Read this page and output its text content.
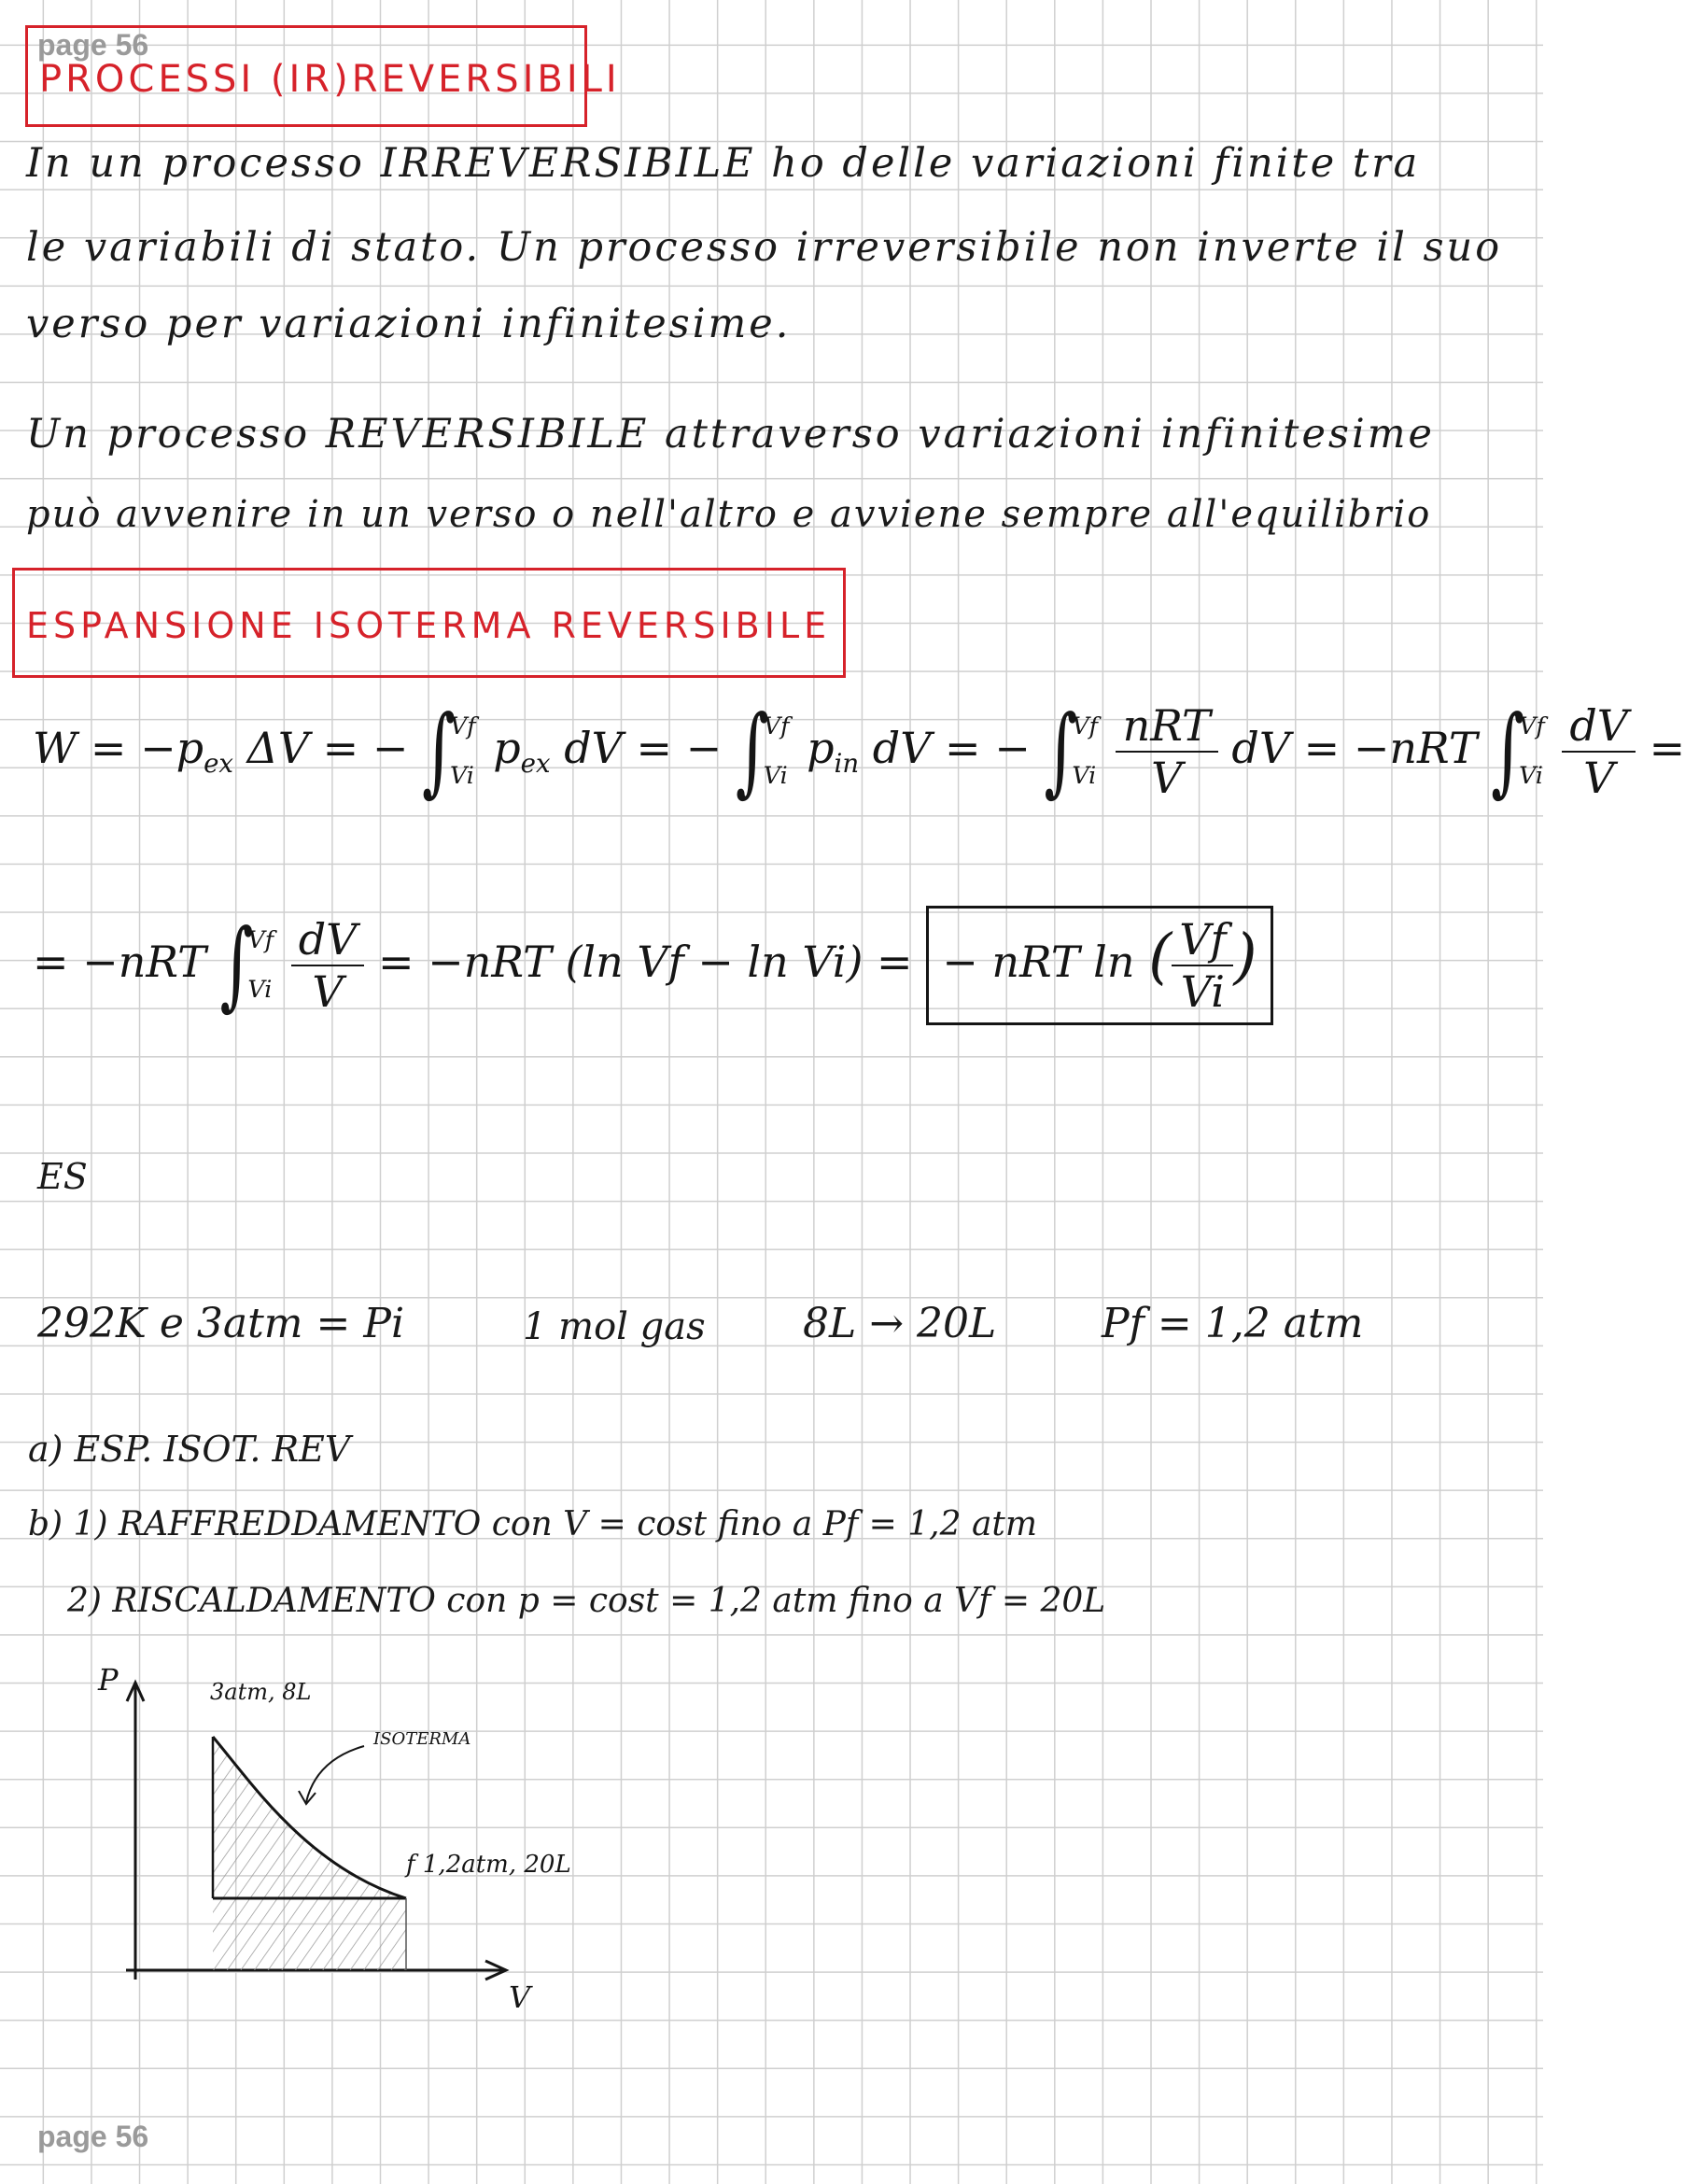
page 56
page 56
PROCESSI (IR)REVERSIBILI
In un processo IRREVERSIBILE ho delle variazioni finite tra
le variabili di stato. Un processo irreversibile non inverte il suo
verso per variazioni infinitesime.
Un processo REVERSIBILE attraverso variazioni infinitesime
può avvenire in un verso o nell'altro e avviene sempre all'equilibrio
ESPANSIONE ISOTERMA REVERSIBILE
$W = -p_{ex}$ ΔV = − ∫
Vf

Vi
$p_{ex}$ dV = − ∫
Vf

Vi
$p_{in}$ dV = − ∫
Vf

Vi
$\frac{\text{nRT}}{V}$ dV = −nRT ∫
Vf

Vi
$\frac{dV}{V}$ =
= −nRT ∫
Vf

Vi
$\frac{dV}{V} = -nRT$ (ln Vf − ln Vi) = − nRT ln ( $\frac{Vf}{Vi}$ )
ES
292K e 3atm = Pi	1 mol gas 8L → 20L	Pf = 1,2 atm
a) ESP. ISOT. REV
b) 1) RAFFREDDAMENTO con V = cost fino a Pf = 1,2 atm
2) RISCALDAMENTO con p = cost = 1,2 atm fino a Vf = 20L
P
V
3atm, 8L
ISOTERMA
f 1,2atm, 20L
